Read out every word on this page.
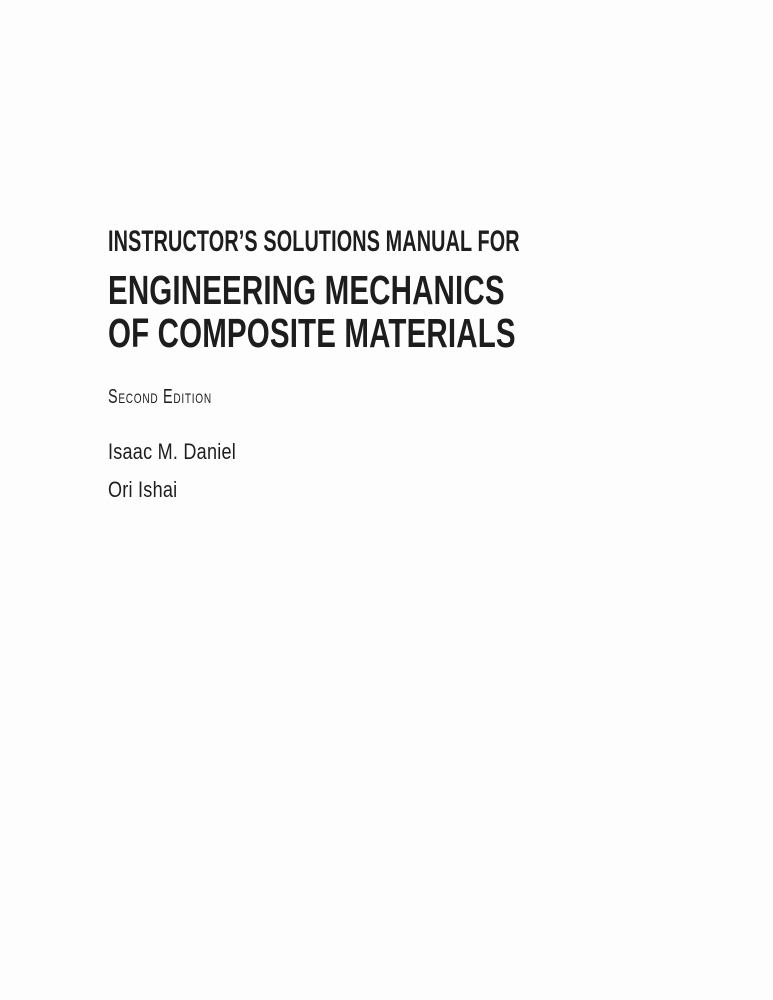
INSTRUCTOR’S SOLUTIONS MANUAL FOR
ENGINEERING MECHANICS
OF COMPOSITE MATERIALS
Second Edition
Isaac M. Daniel
Ori Ishai
